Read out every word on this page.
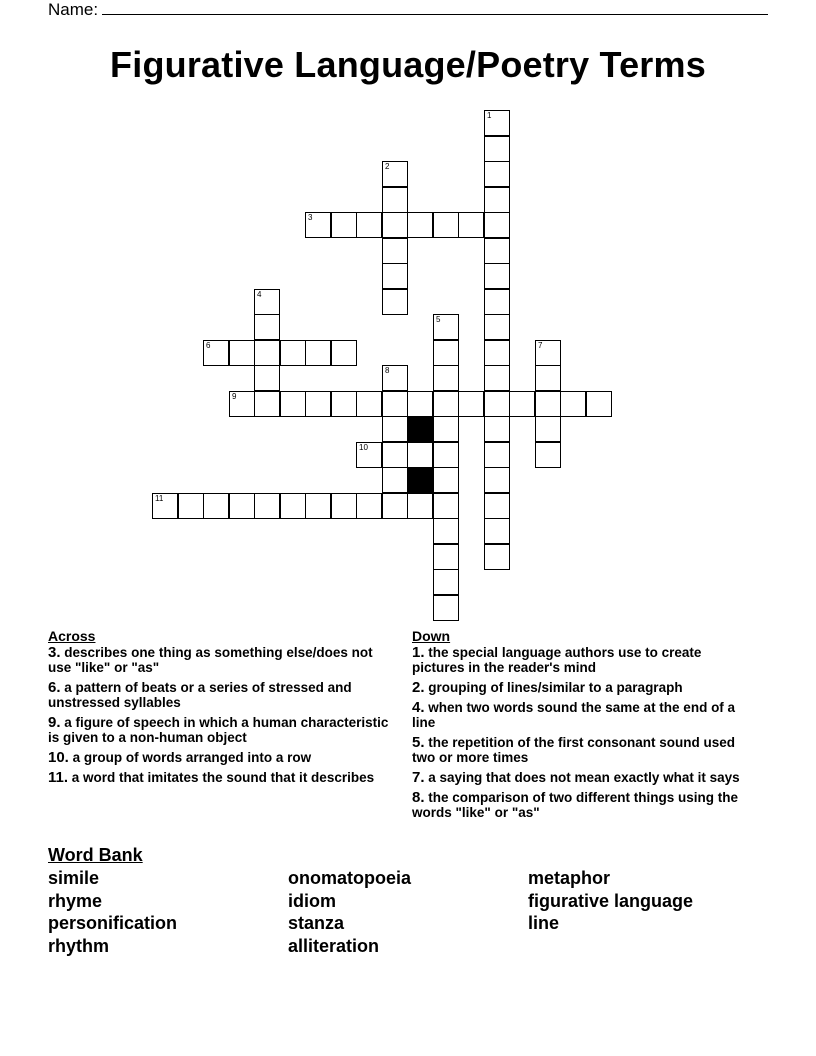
Name:
Figurative Language/Poetry Terms
1
2
3
4
5
6	7
8
9
10
11
Across
3. describes one thing as something else/does not use "like" or "as"
6. a pattern of beats or a series of stressed and unstressed syllables
9. a figure of speech in which a human characteristic is given to a non-human object
10. a group of words arranged into a row
11. a word that imitates the sound that it describes
Down
1. the special language authors use to create pictures in the reader's mind
2. grouping of lines/similar to a paragraph
4. when two words sound the same at the end of a line
5. the repetition of the first consonant sound used two or more times
7. a saying that does not mean exactly what it says
8. the comparison of two different things using the words "like" or "as"
Word Bank
simile
rhyme
personification
rhythm
onomatopoeia
idiom
stanza
alliteration
metaphor
figurative language
line
